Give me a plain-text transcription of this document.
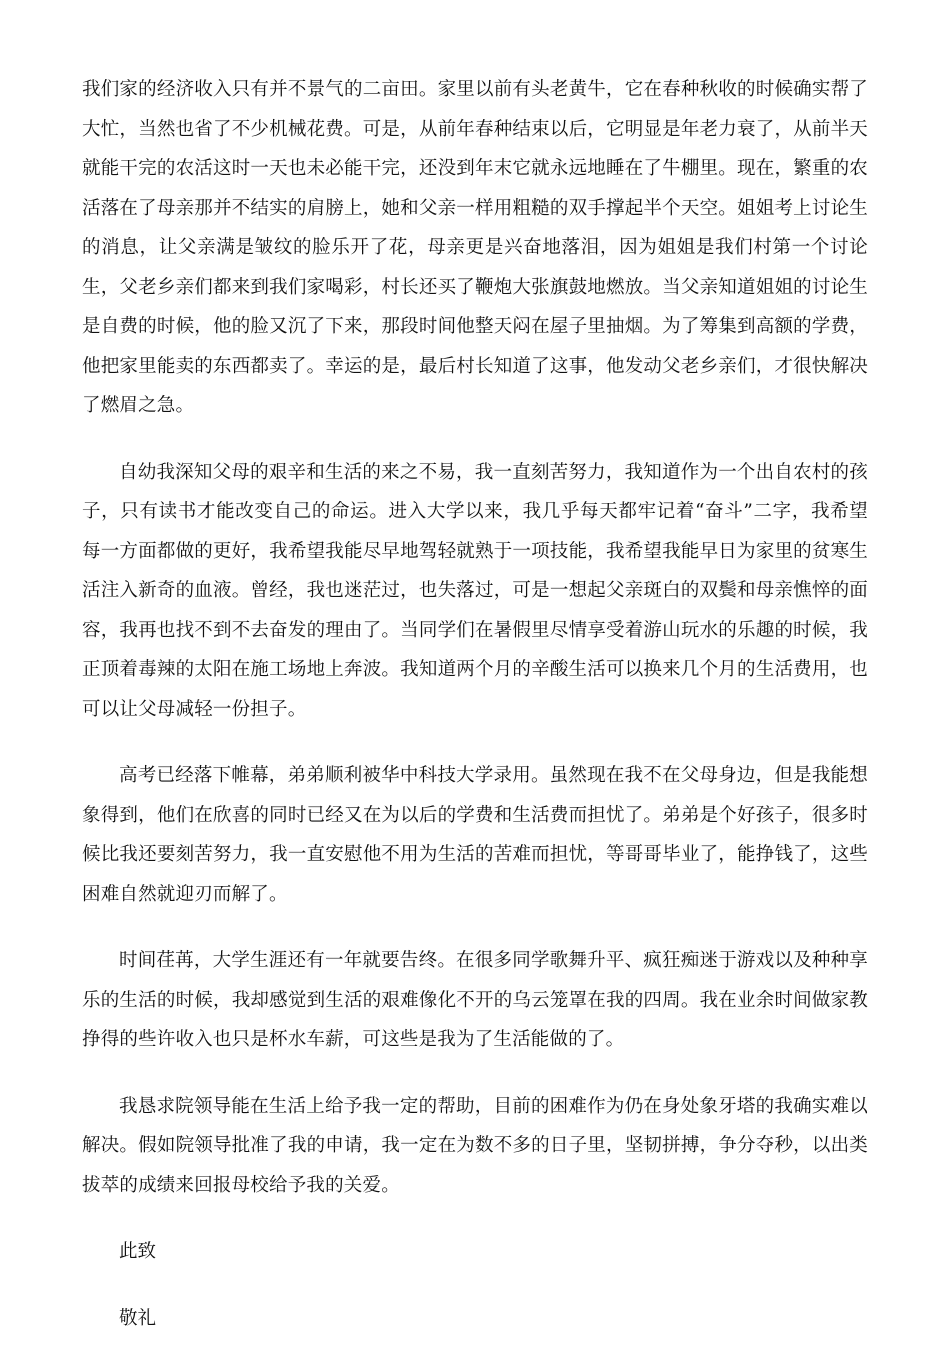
我们家的经济收入只有并不景气的二亩田。家里以前有头老黄牛，它在春种秋收的时候确实帮了大忙，当然也省了不少机械花费。可是，从前年春种结束以后，它明显是年老力衰了，从前半天就能干完的农活这时一天也未必能干完，还没到年末它就永远地睡在了牛棚里。现在，繁重的农活落在了母亲那并不结实的肩膀上，她和父亲一样用粗糙的双手撑起半个天空。姐姐考上讨论生的消息，让父亲满是皱纹的脸乐开了花，母亲更是兴奋地落泪，因为姐姐是我们村第一个讨论生，父老乡亲们都来到我们家喝彩，村长还买了鞭炮大张旗鼓地燃放。当父亲知道姐姐的讨论生是自费的时候，他的脸又沉了下来，那段时间他整天闷在屋子里抽烟。为了筹集到高额的学费，他把家里能卖的东西都卖了。幸运的是，最后村长知道了这事，他发动父老乡亲们，才很快解决了燃眉之急。

自幼我深知父母的艰辛和生活的来之不易，我一直刻苦努力，我知道作为一个出自农村的孩子，只有读书才能改变自己的命运。进入大学以来，我几乎每天都牢记着“奋斗”二字，我希望每一方面都做的更好，我希望我能尽早地驾轻就熟于一项技能，我希望我能早日为家里的贫寒生活注入新奇的血液。曾经，我也迷茫过，也失落过，可是一想起父亲斑白的双鬓和母亲憔悴的面容，我再也找不到不去奋发的理由了。当同学们在暑假里尽情享受着游山玩水的乐趣的时候，我正顶着毒辣的太阳在施工场地上奔波。我知道两个月的辛酸生活可以换来几个月的生活费用，也可以让父母减轻一份担子。

高考已经落下帷幕，弟弟顺利被华中科技大学录用。虽然现在我不在父母身边，但是我能想象得到，他们在欣喜的同时已经又在为以后的学费和生活费而担忧了。弟弟是个好孩子，很多时候比我还要刻苦努力，我一直安慰他不用为生活的苦难而担忧，等哥哥毕业了，能挣钱了，这些困难自然就迎刃而解了。

时间荏苒，大学生涯还有一年就要告终。在很多同学歌舞升平、疯狂痴迷于游戏以及种种享乐的生活的时候，我却感觉到生活的艰难像化不开的乌云笼罩在我的四周。我在业余时间做家教挣得的些许收入也只是杯水车薪，可这些是我为了生活能做的了。

我恳求院领导能在生活上给予我一定的帮助，目前的困难作为仍在身处象牙塔的我确实难以解决。假如院领导批准了我的申请，我一定在为数不多的日子里，坚韧拼搏，争分夺秒，以出类拔萃的成绩来回报母校给予我的关爱。

此致

敬礼
